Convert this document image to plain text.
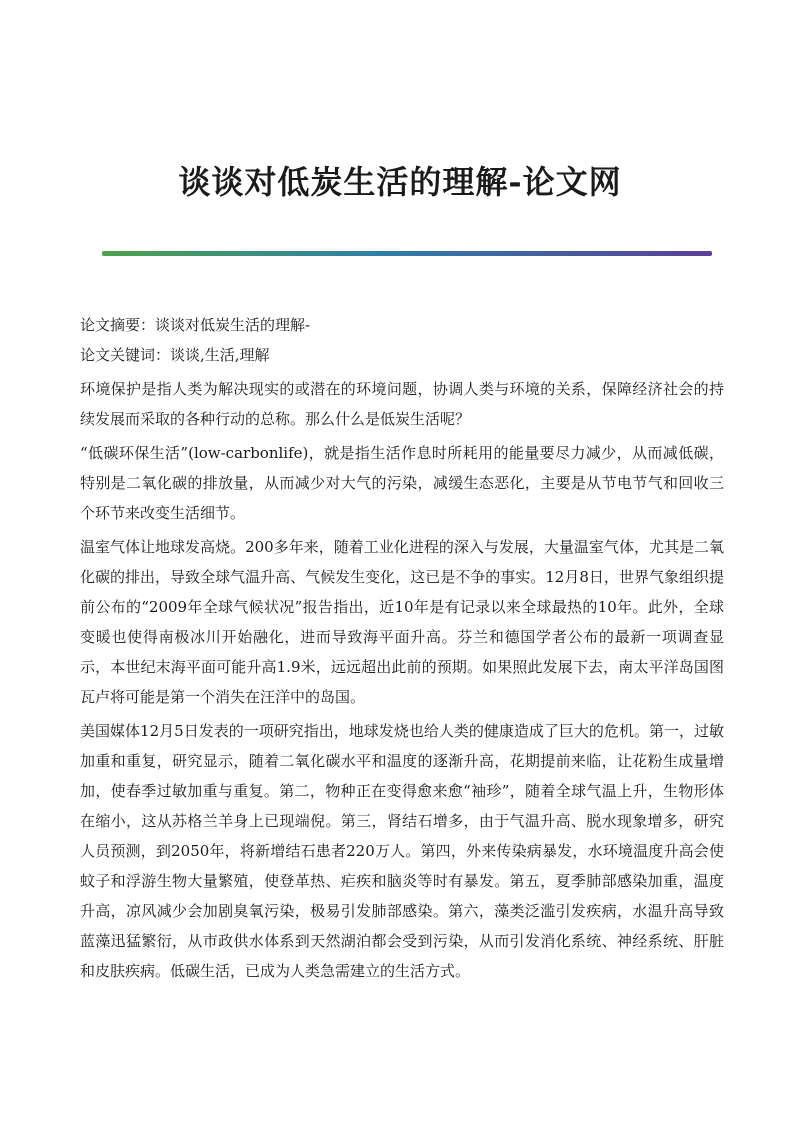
谈谈对低炭生活的理解-论文网

论文摘要：谈谈对低炭生活的理解-

论文关键词：谈谈,生活,理解

环境保护是指人类为解决现实的或潜在的环境问题，协调人类与环境的关系，保障经济社会的持续发展而采取的各种行动的总称。那么什么是低炭生活呢？

“低碳环保生活”(low-carbonlife)，就是指生活作息时所耗用的能量要尽力减少，从而减低碳，特别是二氧化碳的排放量，从而减少对大气的污染，减缓生态恶化，主要是从节电节气和回收三个环节来改变生活细节。

温室气体让地球发高烧。200多年来，随着工业化进程的深入与发展，大量温室气体，尤其是二氧化碳的排出，导致全球气温升高、气候发生变化，这已是不争的事实。12月8日，世界气象组织提前公布的“2009年全球气候状况”报告指出，近10年是有记录以来全球最热的10年。此外，全球变暖也使得南极冰川开始融化，进而导致海平面升高。芬兰和德国学者公布的最新一项调查显示，本世纪末海平面可能升高1.9米，远远超出此前的预期。如果照此发展下去，南太平洋岛国图瓦卢将可能是第一个消失在汪洋中的岛国。

美国媒体12月5日发表的一项研究指出，地球发烧也给人类的健康造成了巨大的危机。第一，过敏加重和重复，研究显示，随着二氧化碳水平和温度的逐渐升高，花期提前来临，让花粉生成量增加，使春季过敏加重与重复。第二，物种正在变得愈来愈“袖珍”，随着全球气温上升，生物形体在缩小，这从苏格兰羊身上已现端倪。第三，肾结石增多，由于气温升高、脱水现象增多，研究人员预测，到2050年，将新增结石患者220万人。第四，外来传染病暴发，水环境温度升高会使蚊子和浮游生物大量繁殖，使登革热、疟疾和脑炎等时有暴发。第五，夏季肺部感染加重，温度升高，凉风减少会加剧臭氧污染，极易引发肺部感染。第六，藻类泛滥引发疾病，水温升高导致蓝藻迅猛繁衍，从市政供水体系到天然湖泊都会受到污染，从而引发消化系统、神经系统、肝脏和皮肤疾病。低碳生活，已成为人类急需建立的生活方式。
